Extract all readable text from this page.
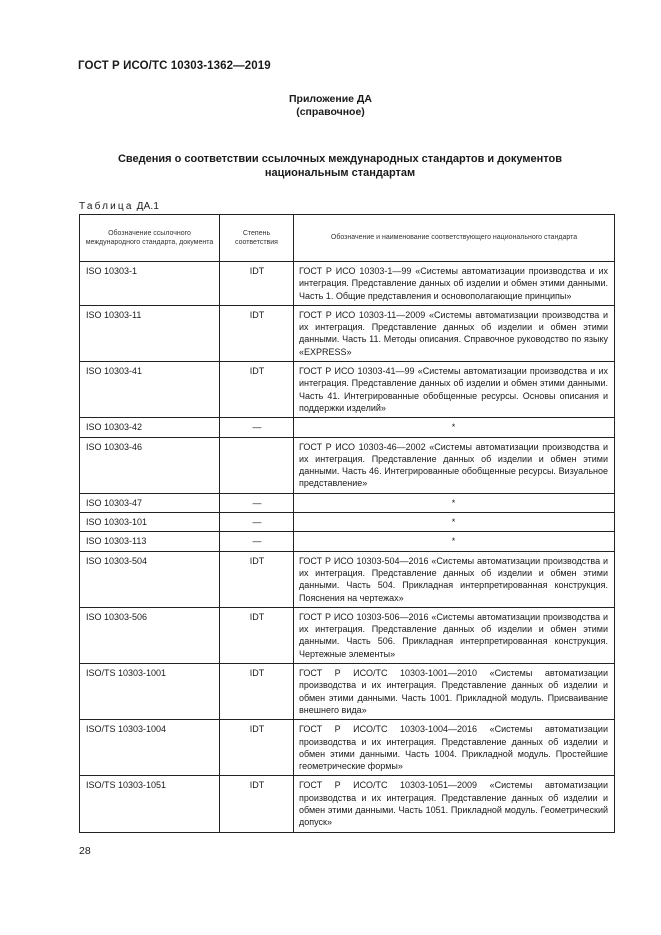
ГОСТ Р ИСО/ТС 10303-1362—2019
Приложение ДА
(справочное)
Сведения о соответствии ссылочных международных стандартов и документов
национальным стандартам
Таблица ДА.1
Обозначение ссылочного международного стандарта, документа	Степень соответствия	Обозначение и наименование соответствующего национального стандарта
ISO 10303-1	IDT	ГОСТ Р ИСО 10303-1—99 «Системы автоматизации производства и их интеграция. Представление данных об изделии и обмен этими данными. Часть 1. Общие представления и основополагающие принципы»
ISO 10303-11	IDT	ГОСТ Р ИСО 10303-11—2009 «Системы автоматизации производства и их интеграция. Представление данных об изделии и обмен этими данными. Часть 11. Методы описания. Справочное руководство по языку «EXPRESS»
ISO 10303-41	IDT	ГОСТ Р ИСО 10303-41—99 «Системы автоматизации производства и их интеграция. Представление данных об изделии и обмен этими данными. Часть 41. Интегрированные обобщенные ресурсы. Основы описания и поддержки изделий»
ISO 10303-42	—	*
ISO 10303-46		ГОСТ Р ИСО 10303-46—2002 «Системы автоматизации производства и их интеграция. Представление данных об изделии и обмен этими данными. Часть 46. Интегрированные обобщенные ресурсы. Визуальное представление»
ISO 10303-47	—	*
ISO 10303-101	—	*
ISO 10303-113	—	*
ISO 10303-504	IDT	ГОСТ Р ИСО 10303-504—2016 «Системы автоматизации производства и их интеграция. Представление данных об изделии и обмен этими данными. Часть 504. Прикладная интерпретированная конструкция. Пояснения на чертежах»
ISO 10303-506	IDT	ГОСТ Р ИСО 10303-506—2016 «Системы автоматизации производства и их интеграция. Представление данных об изделии и обмен этими данными. Часть 506. Прикладная интерпретированная конструкция. Чертежные элементы»
ISO/TS 10303-1001	IDT	ГОСТ Р ИСО/ТС 10303-1001—2010 «Системы автоматизации производства и их интеграция. Представление данных об изделии и обмен этими данными. Часть 1001. Прикладной модуль. Присваивание внешнего вида»
ISO/TS 10303-1004	IDT	ГОСТ Р ИСО/ТС 10303-1004—2016 «Системы автоматизации производства и их интеграция. Представление данных об изделии и обмен этими данными. Часть 1004. Прикладной модуль. Простейшие геометрические формы»
ISO/TS 10303-1051	IDT	ГОСТ Р ИСО/ТС 10303-1051—2009 «Системы автоматизации производства и их интеграция. Представление данных об изделии и обмен этими данными. Часть 1051. Прикладной модуль. Геометрический допуск»
28
